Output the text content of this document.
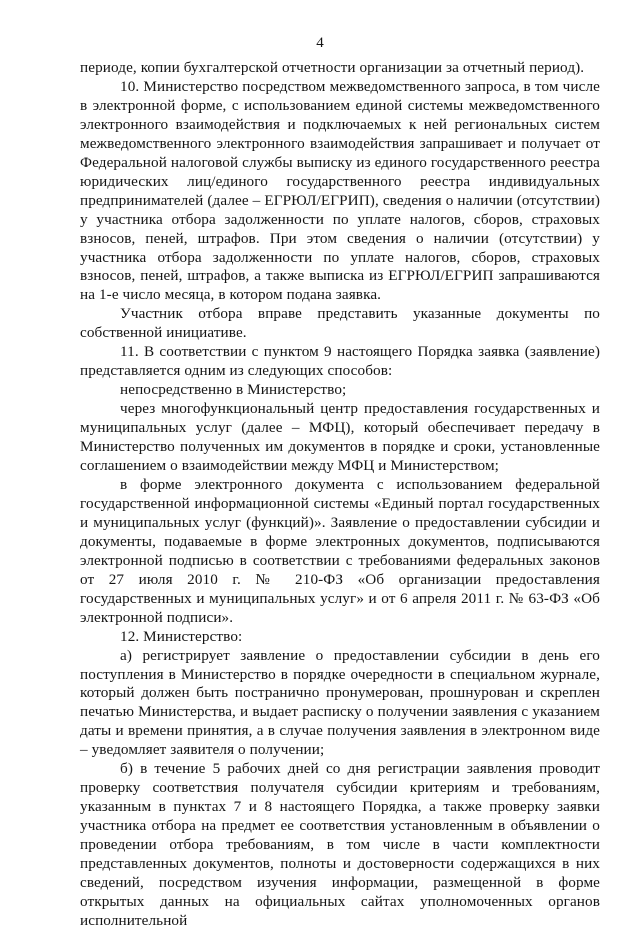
4

периоде, копии бухгалтерской отчетности организации за отчетный период).

10. Министерство посредством межведомственного запроса, в том числе в электронной форме, с использованием единой системы межведомственного электронного взаимодействия и подключаемых к ней региональных систем межведомственного электронного взаимодействия запрашивает и получает от Федеральной налоговой службы выписку из единого государственного реестра юридических лиц/единого государственного реестра индивидуальных предпринимателей (далее – ЕГРЮЛ/ЕГРИП), сведения о наличии (отсутствии) у участника отбора задолженности по уплате налогов, сборов, страховых взносов, пеней, штрафов. При этом сведения о наличии (отсутствии) у участника отбора задолженности по уплате налогов, сборов, страховых взносов, пеней, штрафов, а также выписка из ЕГРЮЛ/ЕГРИП запрашиваются на 1-е число месяца, в котором подана заявка.

Участник отбора вправе представить указанные документы по собственной инициативе.

11. В соответствии с пунктом 9 настоящего Порядка заявка (заявление) представляется одним из следующих способов:

непосредственно в Министерство;

через многофункциональный центр предоставления государственных и муниципальных услуг (далее – МФЦ), который обеспечивает передачу в Министерство полученных им документов в порядке и сроки, установленные соглашением о взаимодействии между МФЦ и Министерством;

в форме электронного документа с использованием федеральной государственной информационной системы «Единый портал государственных и муниципальных услуг (функций)». Заявление о предоставлении субсидии и документы, подаваемые в форме электронных документов, подписываются электронной подписью в соответствии с требованиями федеральных законов от 27 июля 2010 г. № 210-ФЗ «Об организации предоставления государственных и муниципальных услуг» и от 6 апреля 2011 г. № 63-ФЗ «Об электронной подписи».

12. Министерство:

а) регистрирует заявление о предоставлении субсидии в день его поступления в Министерство в порядке очередности в специальном журнале, который должен быть постранично пронумерован, прошнурован и скреплен печатью Министерства, и выдает расписку о получении заявления с указанием даты и времени принятия, а в случае получения заявления в электронном виде – уведомляет заявителя о получении;

б) в течение 5 рабочих дней со дня регистрации заявления проводит проверку соответствия получателя субсидии критериям и требованиям, указанным в пунктах 7 и 8 настоящего Порядка, а также проверку заявки участника отбора на предмет ее соответствия установленным в объявлении о проведении отбора требованиям, в том числе в части комплектности представленных документов, полноты и достоверности содержащихся в них сведений, посредством изучения информации, размещенной в форме открытых данных на официальных сайтах уполномоченных органов исполнительной
